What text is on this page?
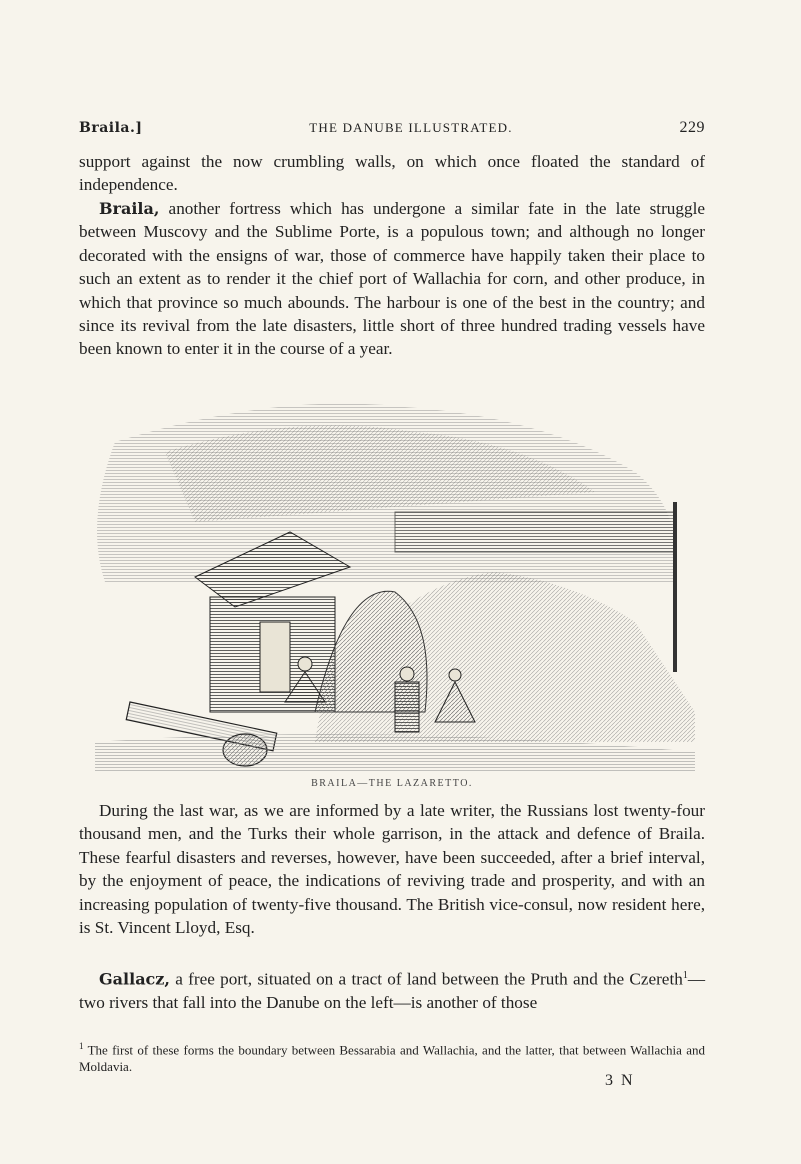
Braila.]	THE DANUBE ILLUSTRATED.	229
support against the now crumbling walls, on which once floated the standard of independence.
Braila, another fortress which has undergone a similar fate in the late struggle between Muscovy and the Sublime Porte, is a populous town; and although no longer decorated with the ensigns of war, those of commerce have happily taken their place to such an extent as to render it the chief port of Wallachia for corn, and other produce, in which that province so much abounds. The harbour is one of the best in the country; and since its revival from the late disasters, little short of three hundred trading vessels have been known to enter it in the course of a year.
BRAILA—THE LAZARETTO.
During the last war, as we are informed by a late writer, the Russians lost twenty-four thousand men, and the Turks their whole garrison, in the attack and defence of Braila. These fearful disasters and reverses, however, have been succeeded, after a brief interval, by the enjoyment of peace, the indications of reviving trade and prosperity, and with an increasing population of twenty-five thousand. The British vice-consul, now resident here, is St. Vincent Lloyd, Esq.
Gallacz, a free port, situated on a tract of land between the Pruth and the Czereth$^1$— two rivers that fall into the Danube on the left—is another of those
$^1$ The first of these forms the boundary between Bessarabia and Wallachia, and the latter, that between Wallachia and Moldavia.
3 N
